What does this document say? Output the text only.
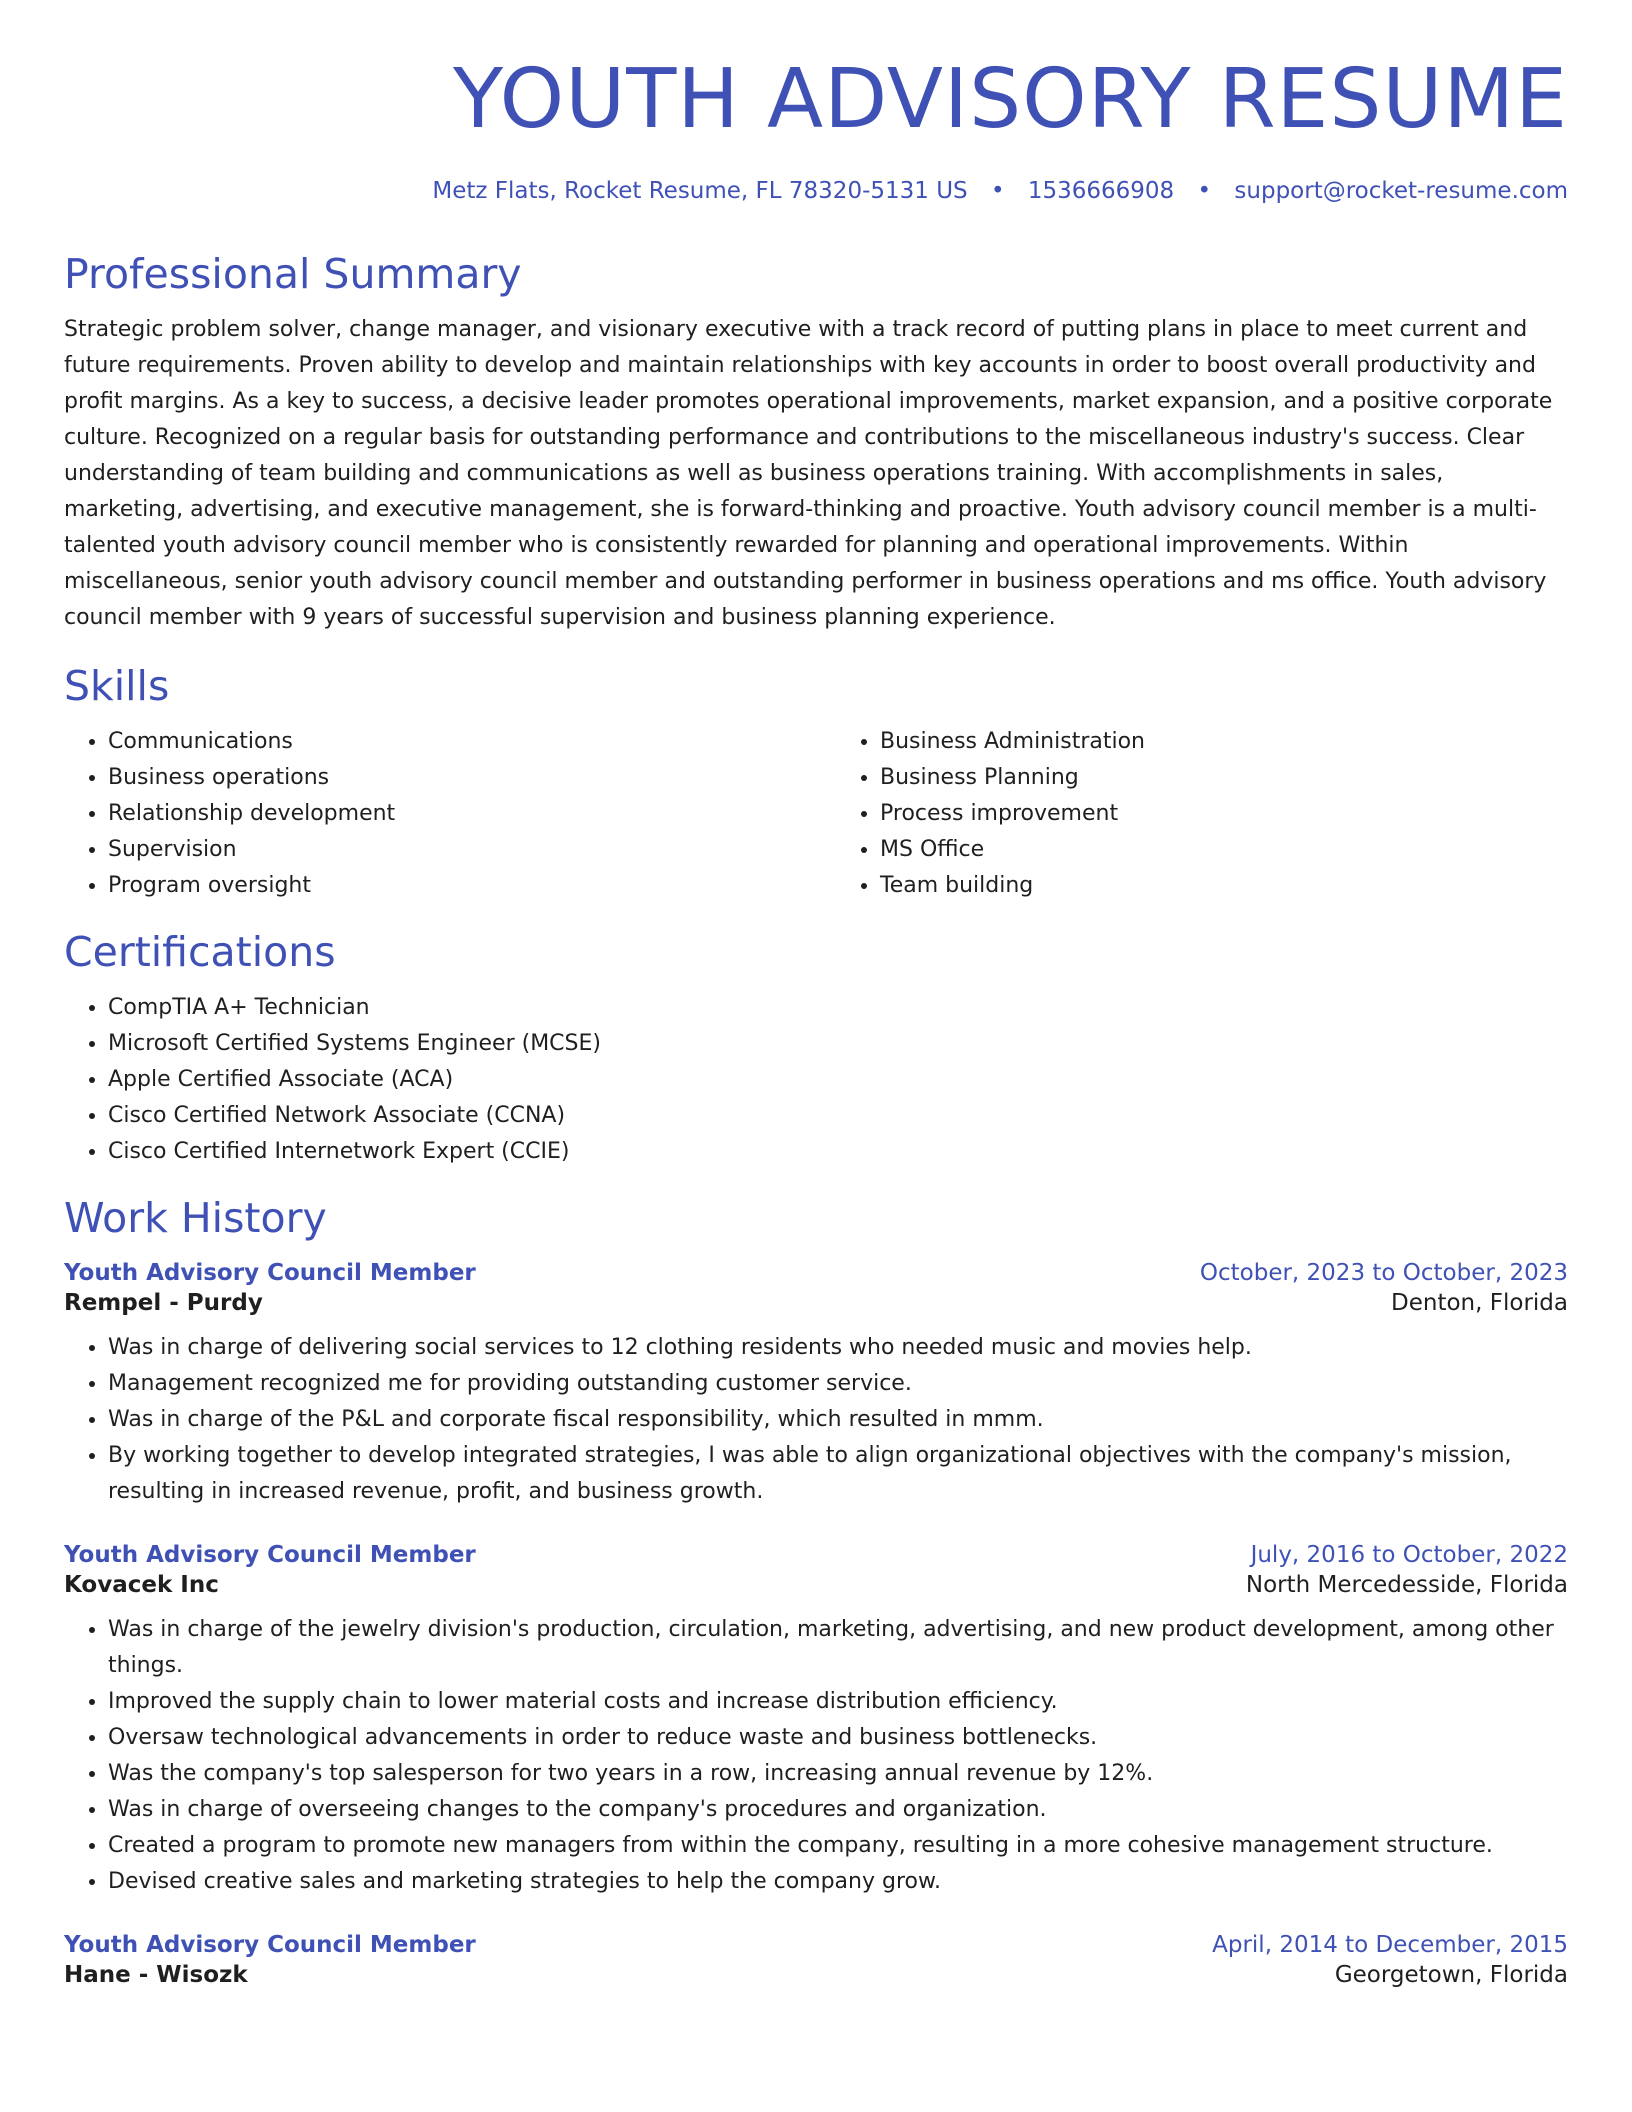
YOUTH ADVISORY RESUME
Metz Flats, Rocket Resume, FL 78320-5131 US • 1536666908 • support@rocket-resume.com
Professional Summary
Strategic problem solver, change manager, and visionary executive with a track record of putting plans in place to meet current and future requirements. Proven ability to develop and maintain relationships with key accounts in order to boost overall productivity and profit margins. As a key to success, a decisive leader promotes operational improvements, market expansion, and a positive corporate culture. Recognized on a regular basis for outstanding performance and contributions to the miscellaneous industry's success. Clear understanding of team building and communications as well as business operations training. With accomplishments in sales, marketing, advertising, and executive management, she is forward-thinking and proactive. Youth advisory council member is a multi-talented youth advisory council member who is consistently rewarded for planning and operational improvements. Within miscellaneous, senior youth advisory council member and outstanding performer in business operations and ms office. Youth advisory council member with 9 years of successful supervision and business planning experience.
Skills
• Communications
• Business operations
• Relationship development
• Supervision
• Program oversight
• Business Administration
• Business Planning
• Process improvement
• MS Office
• Team building
Certifications
• CompTIA A+ Technician
• Microsoft Certified Systems Engineer (MCSE)
• Apple Certified Associate (ACA)
• Cisco Certified Network Associate (CCNA)
• Cisco Certified Internetwork Expert (CCIE)
Work History
Youth Advisory Council Member	October, 2023 to October, 2023
Rempel - Purdy	Denton, Florida
• Was in charge of delivering social services to 12 clothing residents who needed music and movies help.
• Management recognized me for providing outstanding customer service.
• Was in charge of the P&L and corporate fiscal responsibility, which resulted in mmm.
• By working together to develop integrated strategies, I was able to align organizational objectives with the company's mission, resulting in increased revenue, profit, and business growth.
Youth Advisory Council Member	July, 2016 to October, 2022
Kovacek Inc	North Mercedesside, Florida
• Was in charge of the jewelry division's production, circulation, marketing, advertising, and new product development, among other things.
• Improved the supply chain to lower material costs and increase distribution efficiency.
• Oversaw technological advancements in order to reduce waste and business bottlenecks.
• Was the company's top salesperson for two years in a row, increasing annual revenue by 12%.
• Was in charge of overseeing changes to the company's procedures and organization.
• Created a program to promote new managers from within the company, resulting in a more cohesive management structure.
• Devised creative sales and marketing strategies to help the company grow.
Youth Advisory Council Member	April, 2014 to December, 2015
Hane - Wisozk	Georgetown, Florida
